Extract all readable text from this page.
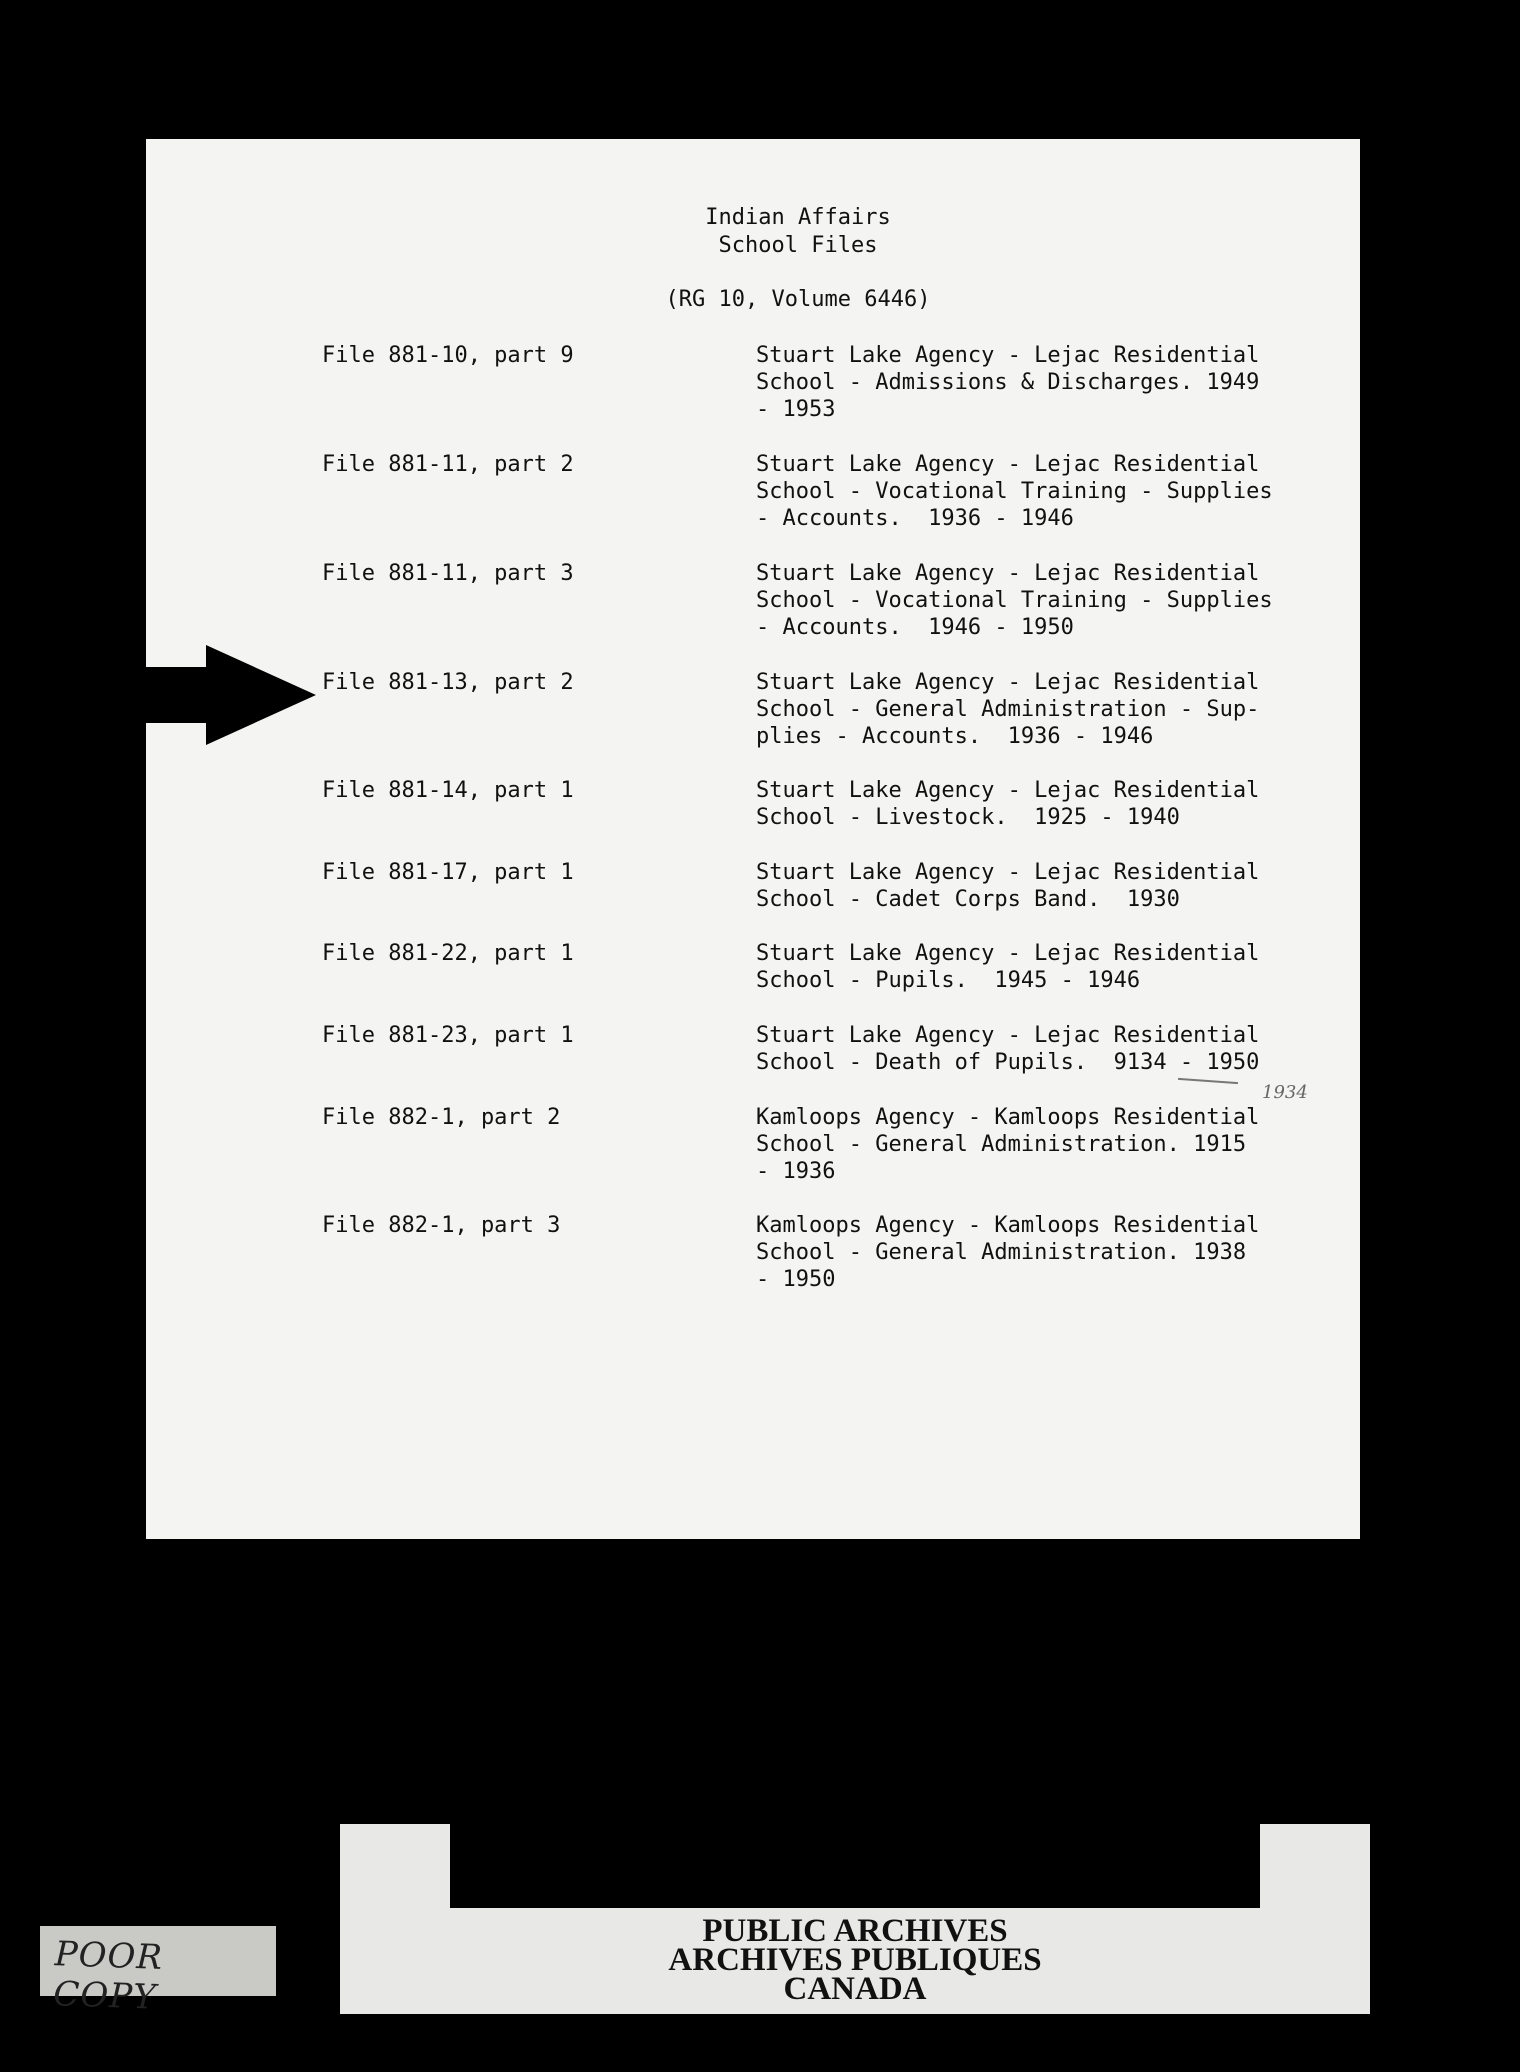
Indian Affairs
School Files
(RG 10, Volume 6446)
File 881-10, part 9	Stuart Lake Agency - Lejac Residential
School - Admissions & Discharges. 1949
- 1953
File 881-11, part 2	Stuart Lake Agency - Lejac Residential
School - Vocational Training - Supplies
- Accounts.  1936 - 1946
File 881-11, part 3	Stuart Lake Agency - Lejac Residential
School - Vocational Training - Supplies
- Accounts.  1946 - 1950
File 881-13, part 2	Stuart Lake Agency - Lejac Residential
School - General Administration - Sup-
plies - Accounts.  1936 - 1946
File 881-14, part 1	Stuart Lake Agency - Lejac Residential
School - Livestock.  1925 - 1940
File 881-17, part 1	Stuart Lake Agency - Lejac Residential
School - Cadet Corps Band.  1930
File 881-22, part 1	Stuart Lake Agency - Lejac Residential
School - Pupils.  1945 - 1946
File 881-23, part 1	Stuart Lake Agency - Lejac Residential
School - Death of Pupils.  9134 - 1950
File 882-1, part 2	Kamloops Agency - Kamloops Residential
School - General Administration. 1915
- 1936
File 882-1, part 3	Kamloops Agency - Kamloops Residential
School - General Administration. 1938
- 1950
1934
PUBLIC ARCHIVES
ARCHIVES PUBLIQUES
CANADA
POOR COPY
